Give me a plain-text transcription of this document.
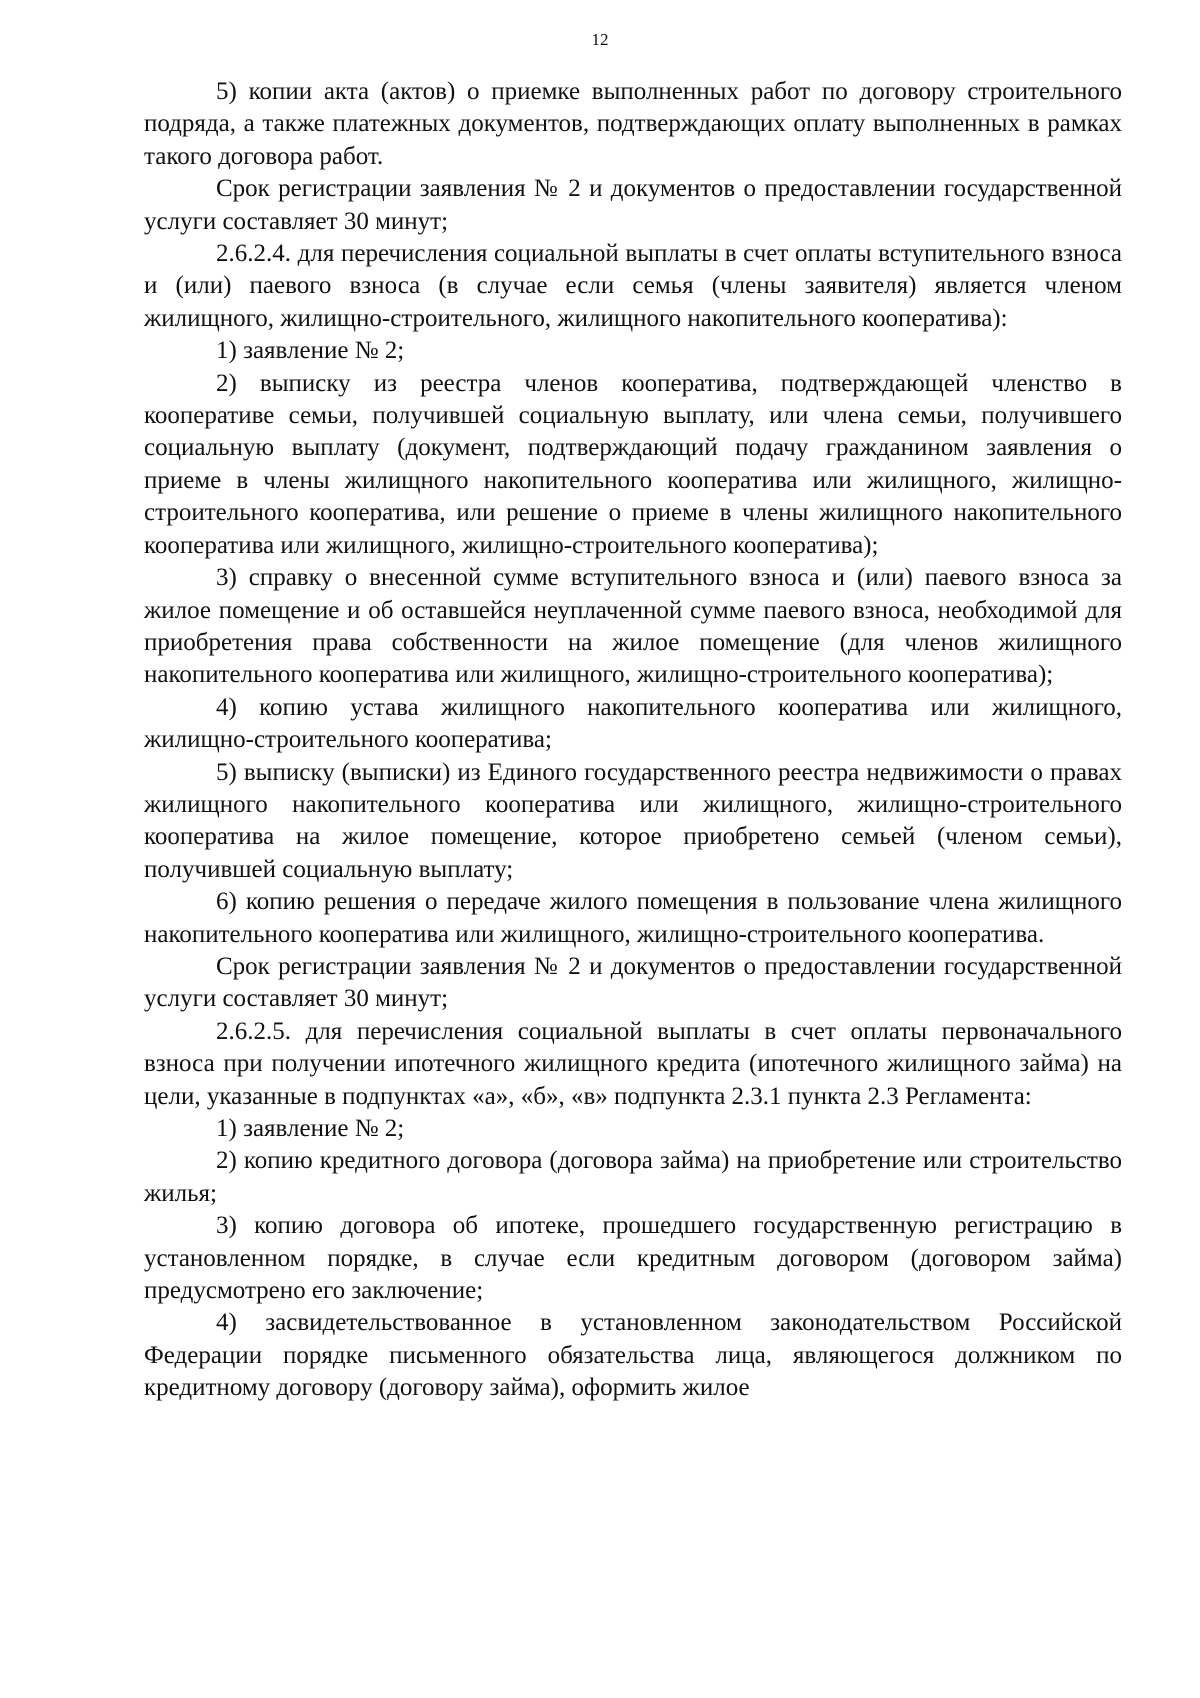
12

5) копии акта (актов) о приемке выполненных работ по договору строительного подряда, а также платежных документов, подтверждающих оплату выполненных в рамках такого договора работ.

Срок регистрации заявления № 2 и документов о предоставлении государственной услуги составляет 30 минут;

2.6.2.4. для перечисления социальной выплаты в счет оплаты вступительного взноса и (или) паевого взноса (в случае если семья (члены заявителя) является членом жилищного, жилищно-строительного, жилищного накопительного кооператива):

1) заявление № 2;

2) выписку из реестра членов кооператива, подтверждающей членство в кооперативе семьи, получившей социальную выплату, или члена семьи, получившего социальную выплату (документ, подтверждающий подачу гражданином заявления о приеме в члены жилищного накопительного кооператива или жилищного, жилищно-строительного кооператива, или решение о приеме в члены жилищного накопительного кооператива или жилищного, жилищно-строительного кооператива);

3) справку о внесенной сумме вступительного взноса и (или) паевого взноса за жилое помещение и об оставшейся неуплаченной сумме паевого взноса, необходимой для приобретения права собственности на жилое помещение (для членов жилищного накопительного кооператива или жилищного, жилищно-строительного кооператива);

4) копию устава жилищного накопительного кооператива или жилищного, жилищно-строительного кооператива;

5) выписку (выписки) из Единого государственного реестра недвижимости о правах жилищного накопительного кооператива или жилищного, жилищно-строительного кооператива на жилое помещение, которое приобретено семьей (членом семьи), получившей социальную выплату;

6) копию решения о передаче жилого помещения в пользование члена жилищного накопительного кооператива или жилищного, жилищно-строительного кооператива.

Срок регистрации заявления № 2 и документов о предоставлении государственной услуги составляет 30 минут;

2.6.2.5. для перечисления социальной выплаты в счет оплаты первоначального взноса при получении ипотечного жилищного кредита (ипотечного жилищного займа) на цели, указанные в подпунктах «а», «б», «в» подпункта 2.3.1 пункта 2.3 Регламента:

1) заявление № 2;

2) копию кредитного договора (договора займа) на приобретение или строительство жилья;

3) копию договора об ипотеке, прошедшего государственную регистрацию в установленном порядке, в случае если кредитным договором (договором займа) предусмотрено его заключение;

4) засвидетельствованное в установленном законодательством Российской Федерации порядке письменного обязательства лица, являющегося должником по кредитному договору (договору займа), оформить жилое
